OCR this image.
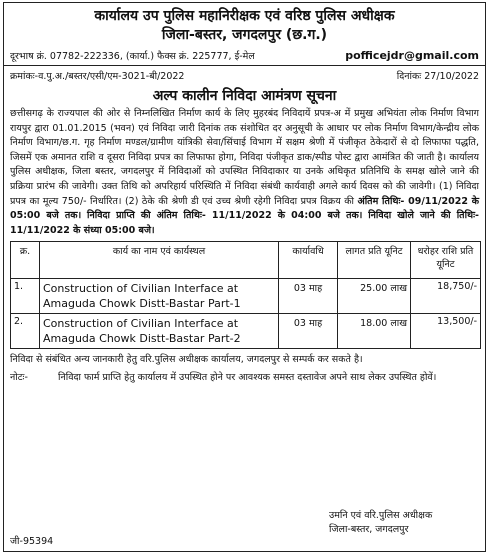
कार्यालय उप पुलिस महानिरीक्षक एवं वरिष्ठ पुलिस अधीक्षक
जिला-बस्तर, जगदलपुर (छ.ग.)
दूरभाष क्रं. 07782-222336, (कार्या.) फैक्स क्रं. 225777, ई-मेल	pofficejdr@gmail.com
क्रमांकः-व.पु.अ./बस्तर/एसी/एम-3021-बी/2022	दिनांकः 27/10/2022
अल्प कालीन निविदा आमंत्रण सूचना
छत्तीसगढ़ के राज्यपाल की ओर से निम्नलिखित निर्माण कार्य के लिए मुहरबंद निविदायें प्रपत्र-अ में प्रमुख अभियंता लोक निर्माण विभाग रायपुर द्वारा 01.01.2015 (भवन) एवं निविदा जारी दिनांक तक संशोधित दर अनुसूची के आधार पर लोक निर्माण विभाग/केन्द्रीय लोक निर्माण विभाग/छ.ग. गृह निर्माण मण्डल/ग्रामीण यांत्रिकी सेवा/सिंचाई विभाग में सक्षम श्रेणी में पंजीकृत ठेकेदारों से दो लिफाफा पद्धति, जिसमें एक अमानत राशि व दूसरा निविदा प्रपत्र का लिफाफा होगा, निविदा पंजीकृत डाक/स्पीड पोस्ट द्वारा आमंत्रित की जाती है। कार्यालय पुलिस अधीक्षक, जिला बस्तर, जगदलपुर में निविदाओं को उपस्थित निविदाकार या उनके अधिकृत प्रतिनिधि के समक्ष खोले जाने की प्रक्रिया प्रारंभ की जावेगी। उक्त तिथि को अपरिहार्य परिस्थिति में निविदा संबंधी कार्यवाही अगले कार्य दिवस को की जावेगी। (1) निविदा प्रपत्र का मूल्य 750/- निर्धारित। (2) ठेके की श्रेणी डी एवं उच्च श्रेणी रहेगी निविदा प्रपत्र विक्रय की अंतिम तिथिः- 09/11/2022 के 05:00 बजे तक। निविदा प्राप्ति की अंतिम तिथिः- 11/11/2022 के 04:00 बजे तक। निविदा खोले जाने की तिथिः- 11/11/2022 के संध्या 05:00 बजे।
क्र.	कार्य का नाम एवं कार्यस्थल	कार्यावधि	लागत प्रति यूनिट	धरोहर राशि प्रति यूनिट
1.	Construction of Civilian Interface at Amaguda Chowk Distt-Bastar Part-1	03 माह	25.00 लाख	18,750/-
2.	Construction of Civilian Interface at Amaguda Chowk Distt-Bastar Part-2	03 माह	18.00 लाख	13,500/-
निविदा से संबंधित अन्य जानकारी हेतु वरि.पुलिस अधीक्षक कार्यालय, जगदलपुर से सम्पर्क कर सकते है।
नोटः-	निविदा फार्म प्राप्ति हेतु कार्यालय में उपस्थित होने पर आवश्यक समस्त दस्तावेज अपने साथ लेकर उपस्थित होवें।
उमनि एवं वरि.पुलिस अधीक्षक
जिला-बस्तर, जगदलपुर
जी-95394
